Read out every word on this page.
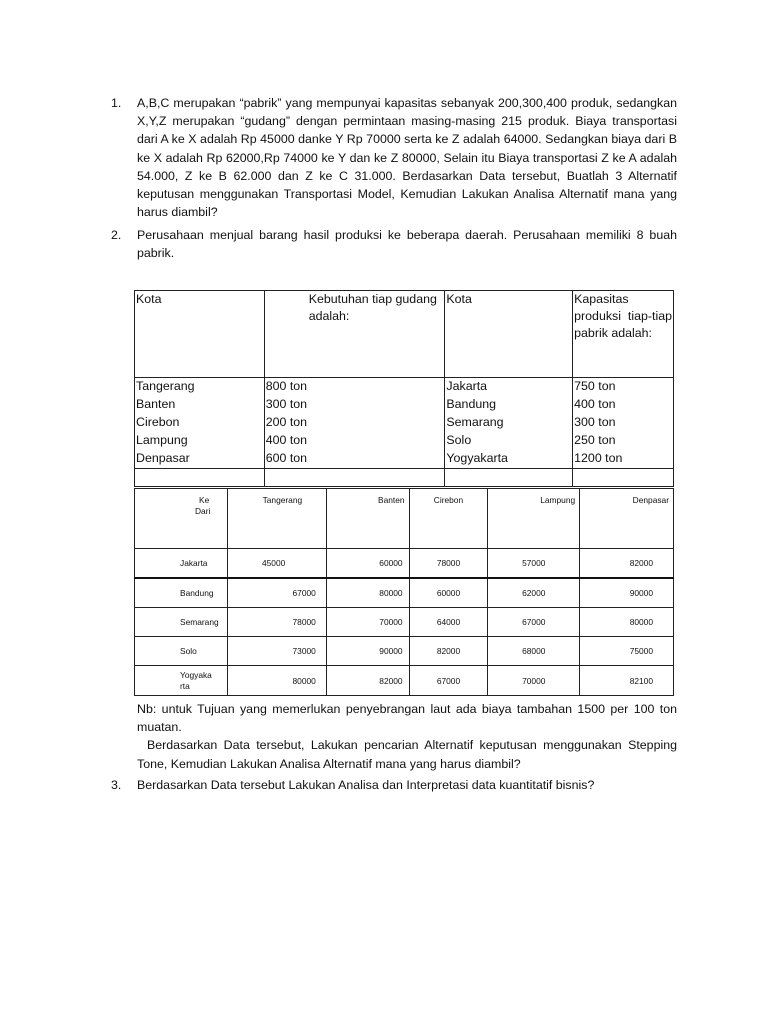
1.	A,B,C merupakan “pabrik” yang mempunyai kapasitas sebanyak 200,300,400 produk, sedangkan X,Y,Z merupakan “gudang” dengan permintaan masing-masing 215 produk. Biaya transportasi dari A ke X adalah Rp 45000 danke Y Rp 70000 serta ke Z adalah 64000. Sedangkan biaya dari B ke X adalah Rp 62000,Rp 74000 ke Y dan ke Z 80000, Selain itu Biaya transportasi Z ke A adalah 54.000, Z ke B 62.000 dan Z ke C 31.000. Berdasarkan Data tersebut, Buatlah 3 Alternatif keputusan menggunakan Transportasi Model, Kemudian Lakukan Analisa Alternatif mana yang harus diambil?
2.	Perusahaan menjual barang hasil produksi ke beberapa daerah. Perusahaan memiliki 8 buah pabrik.
Kota	Kebutuhan tiap gudang adalah:	Kota	Kapasitas produksi tiap-tiap pabrik adalah:
Tangerang	800 ton	Jakarta	750 ton
Banten	300 ton	Bandung	400 ton
Cirebon	200 ton	Semarang	300 ton
Lampung	400 ton	Solo	250 ton
Denpasar	600 ton	Yogyakarta	1200 ton

Ke
Dari	Tangerang	Banten	Cirebon	Lampung	Denpasar
Jakarta	45000	60000	78000	57000	82000
Bandung	67000	80000	60000	62000	90000
Semarang	78000	70000	64000	67000	80000
Solo	73000	90000	82000	68000	75000
Yogyakarta	80000	82000	67000	70000	82100

Nb: untuk Tujuan yang memerlukan penyebrangan laut ada biaya tambahan 1500 per 100 ton muatan.

Berdasarkan Data tersebut, Lakukan pencarian Alternatif keputusan menggunakan Stepping Tone, Kemudian Lakukan Analisa Alternatif mana yang harus diambil?

3.	Berdasarkan Data tersebut Lakukan Analisa dan Interpretasi data kuantitatif bisnis?
